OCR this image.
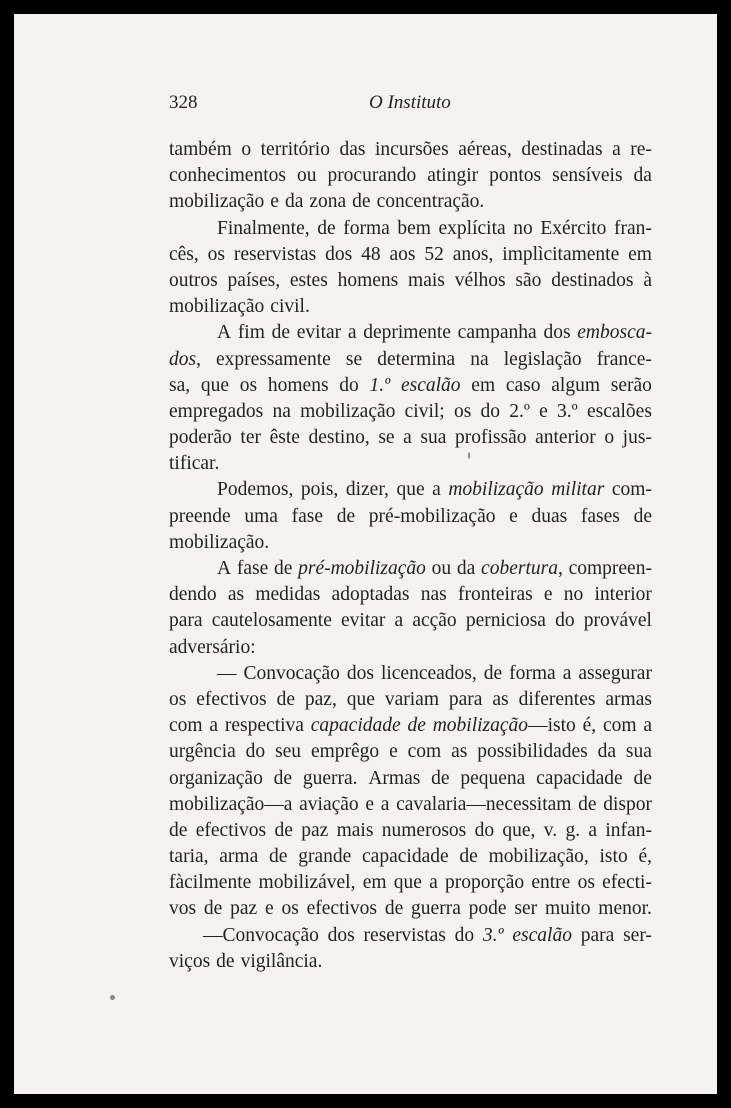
328	O Instituto
também o território das incursões aéreas, destinadas a re-
conhecimentos ou procurando atingir pontos sensíveis da
mobilização e da zona de concentração.
Finalmente, de forma bem explícita no Exército fran-
cês, os reservistas dos 48 aos 52 anos, implìcitamente em
outros países, estes homens mais vélhos são destinados à
mobilização civil.
A fim de evitar a deprimente campanha dos embosca-
dos, expressamente se determina na legislação france-
sa, que os homens do 1.º escalão em caso algum serão
empregados na mobilização civil; os do 2.º e 3.º escalões
poderão ter êste destino, se a sua profissão anterior o jus-
tificar.
Podemos, pois, dizer, que a mobilização militar com-
preende uma fase de pré-mobilização e duas fases de
mobilização.
A fase de pré-mobilização ou da cobertura, compreen-
dendo as medidas adoptadas nas fronteiras e no interior
para cautelosamente evitar a acção perniciosa do provável
adversário:
— Convocação dos licenceados, de forma a assegurar
os efectivos de paz, que variam para as diferentes armas
com a respectiva capacidade de mobilização—isto é, com a
urgência do seu emprêgo e com as possibilidades da sua
organização de guerra. Armas de pequena capacidade de
mobilização—a aviação e a cavalaria—necessitam de dispor
de efectivos de paz mais numerosos do que, v. g. a infan-
taria, arma de grande capacidade de mobilização, isto é,
fàcilmente mobilizável, em que a proporção entre os efecti-
vos de paz e os efectivos de guerra pode ser muito menor.
—Convocação dos reservistas do 3.º escalão para ser-
viços de vigilância.
